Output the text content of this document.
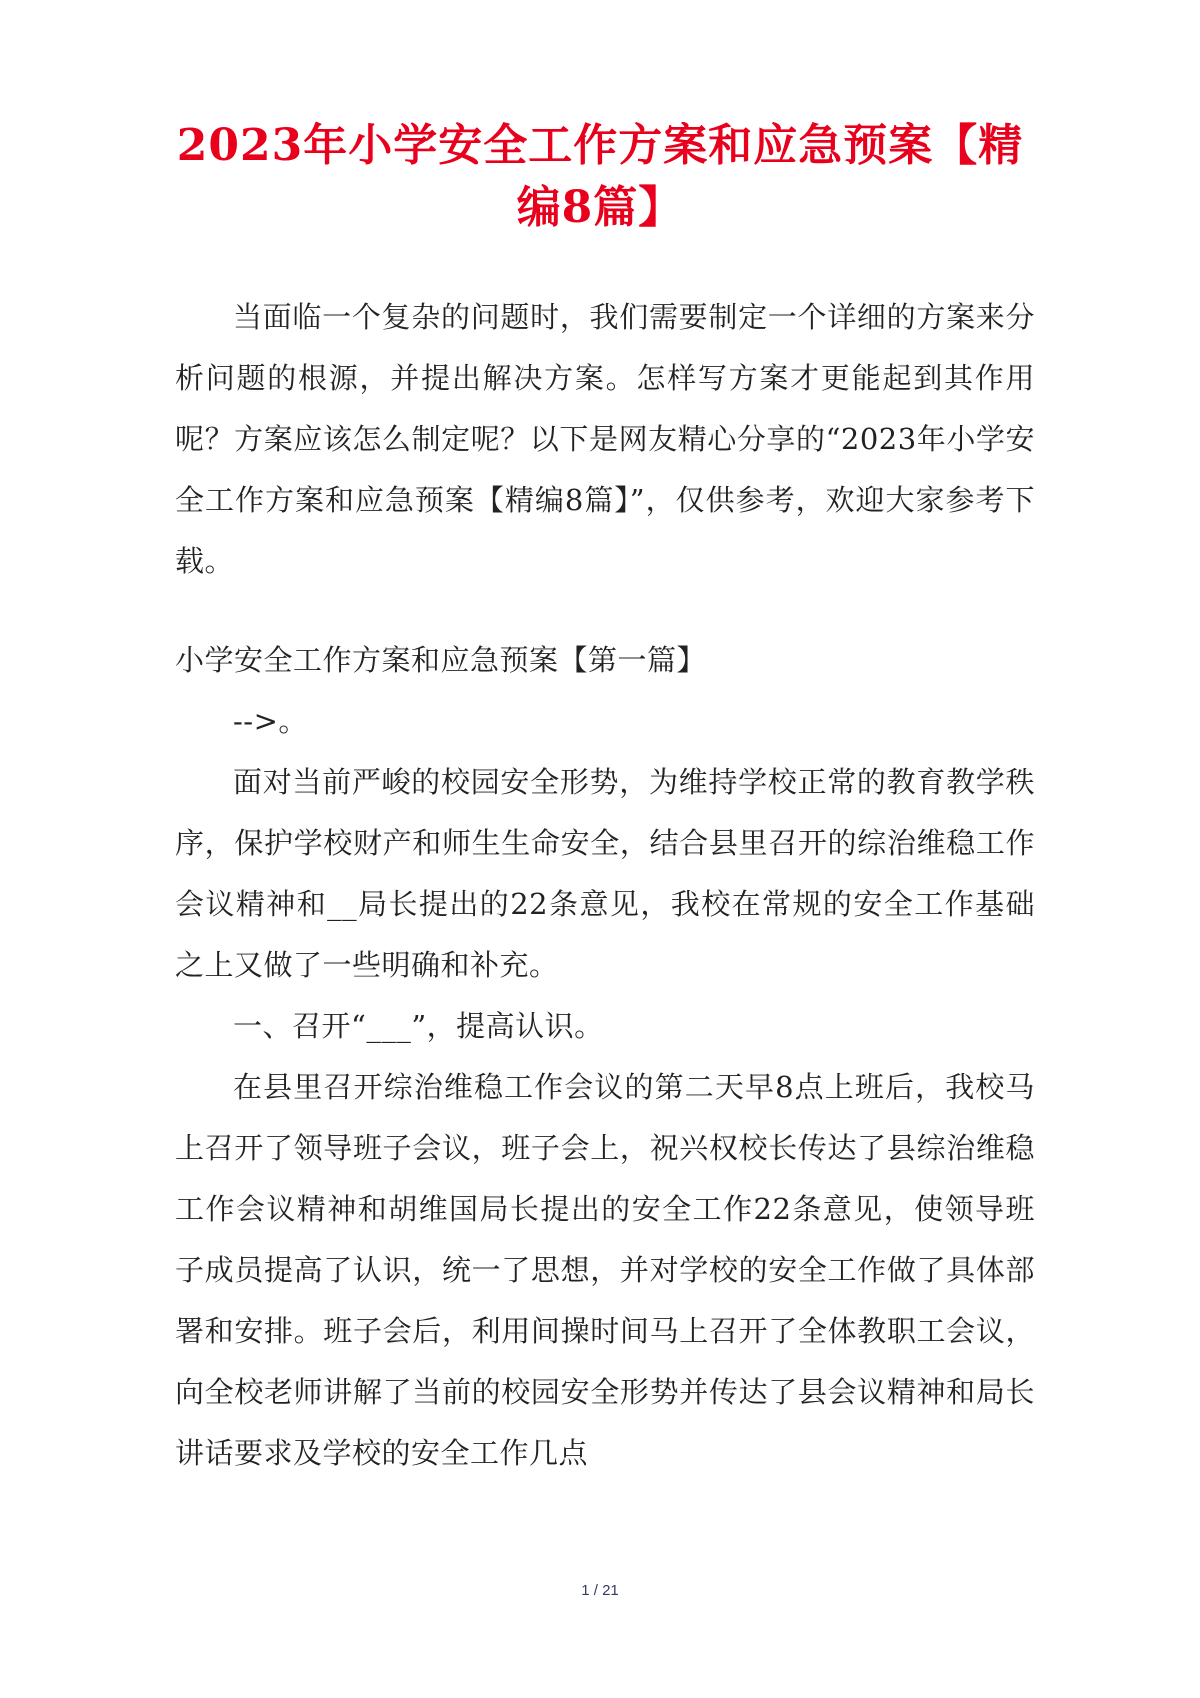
2023年小学安全工作方案和应急预案【精
编8篇】

当面临一个复杂的问题时，我们需要制定一个详细的方案来分析问题的根源，并提出解决方案。怎样写方案才更能起到其作用呢？方案应该怎么制定呢？以下是网友精心分享的“2023年小学安全工作方案和应急预案【精编8篇】”，仅供参考，欢迎大家参考下载。

小学安全工作方案和应急预案【第一篇】

-->。

面对当前严峻的校园安全形势，为维持学校正常的教育教学秩序，保护学校财产和师生生命安全，结合县里召开的综治维稳工作会议精神和__局长提出的22条意见，我校在常规的安全工作基础之上又做了一些明确和补充。

一、召开“___”，提高认识。

在县里召开综治维稳工作会议的第二天早8点上班后，我校马上召开了领导班子会议，班子会上，祝兴权校长传达了县综治维稳工作会议精神和胡维国局长提出的安全工作22条意见，使领导班子成员提高了认识，统一了思想，并对学校的安全工作做了具体部署和安排。班子会后，利用间操时间马上召开了全体教职工会议，向全校老师讲解了当前的校园安全形势并传达了县会议精神和局长讲话要求及学校的安全工作几点

1 / 21
